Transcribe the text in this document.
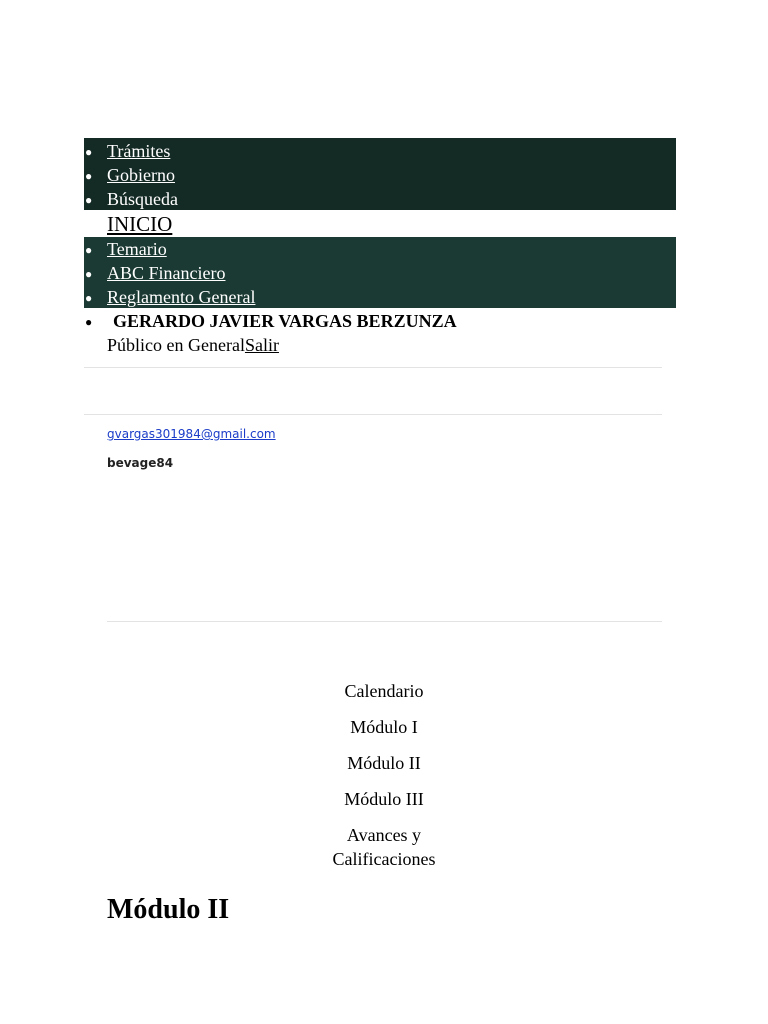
● Trámites
● Gobierno
● Búsqueda
INICIO
● Temario
● ABC Financiero
● Reglamento General
● GERARDO JAVIER VARGAS BERZUNZA
Público en GeneralSalir
gvargas301984@gmail.com
bevage84
Calendario
Módulo I
Módulo II
Módulo III
Avances y Calificaciones
Módulo II
